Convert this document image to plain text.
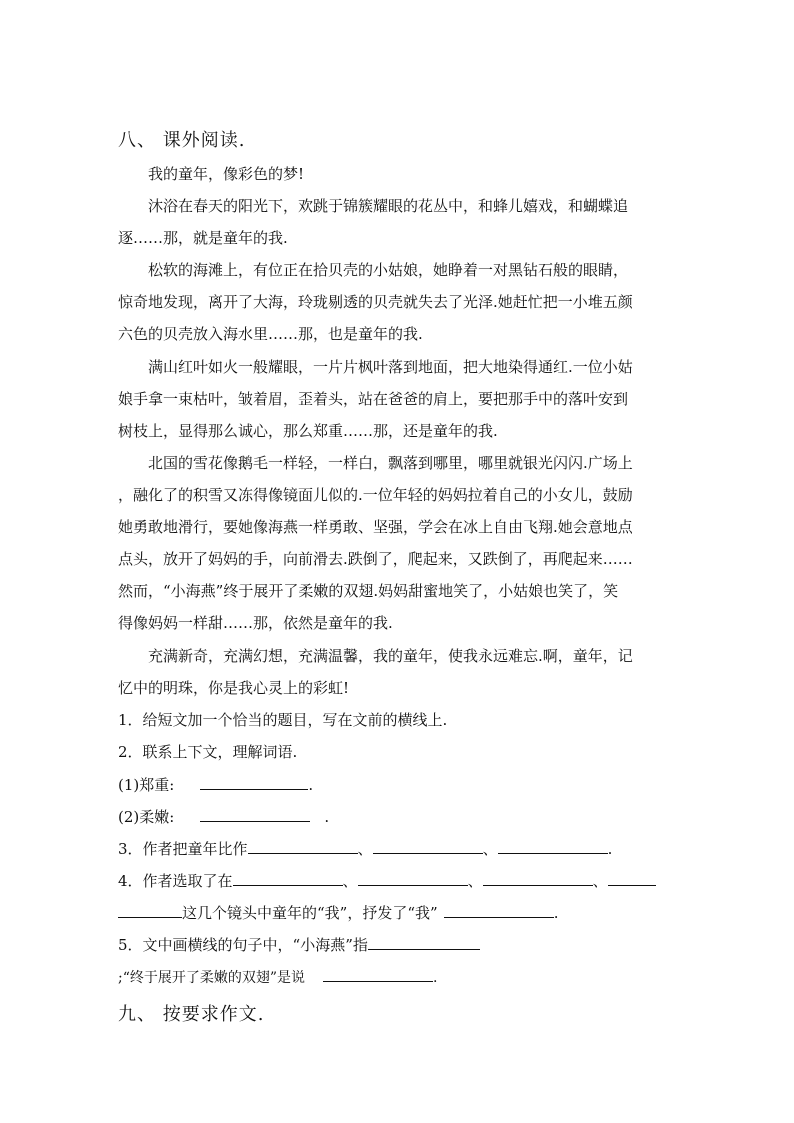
八、 课外阅读.
我的童年，像彩色的梦!
沐浴在春天的阳光下，欢跳于锦簇耀眼的花丛中，和蜂儿嬉戏，和蝴蝶追
逐……那，就是童年的我.
松软的海滩上，有位正在拾贝壳的小姑娘，她睁着一对黑钻石般的眼睛，
惊奇地发现，离开了大海，玲珑剔透的贝壳就失去了光泽.她赶忙把一小堆五颜
六色的贝壳放入海水里……那，也是童年的我.
满山红叶如火一般耀眼，一片片枫叶落到地面，把大地染得通红.一位小姑
娘手拿一束枯叶，皱着眉，歪着头，站在爸爸的肩上，要把那手中的落叶安到
树枝上，显得那么诚心，那么郑重……那，还是童年的我.
北国的雪花像鹅毛一样轻，一样白，飘落到哪里，哪里就银光闪闪.广场上
，融化了的积雪又冻得像镜面儿似的.一位年轻的妈妈拉着自己的小女儿，鼓励
她勇敢地滑行，要她像海燕一样勇敢、坚强，学会在冰上自由飞翔.她会意地点
点头，放开了妈妈的手，向前滑去.跌倒了，爬起来，又跌倒了，再爬起来……
然而，“小海燕”终于展开了柔嫩的双翅.妈妈甜蜜地笑了，小姑娘也笑了，笑
得像妈妈一样甜……那，依然是童年的我.
充满新奇，充满幻想，充满温馨，我的童年，使我永远难忘.啊，童年，记
忆中的明珠，你是我心灵上的彩虹!
1．给短文加一个恰当的题目，写在文前的横线上.
2．联系上下文，理解词语.
(1)郑重:	.
(2)柔嫩:	.
3．作者把童年比作	、	、	.
4．作者选取了在	、	、	、
这几个镜头中童年的“我”，抒发了“我”	.
5．文中画横线的句子中，“小海燕”指
;“终于展开了柔嫩的双翅”是说	.
九、 按要求作文.
